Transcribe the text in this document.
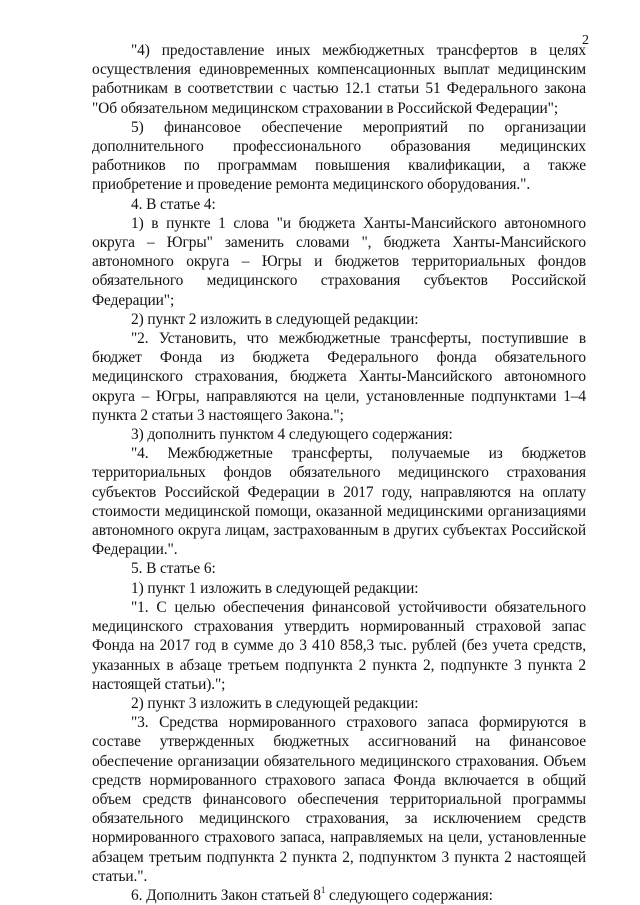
2

"4) предоставление иных межбюджетных трансфертов в целях осуществления единовременных компенсационных выплат медицинским работникам в соответствии с частью 12.1 статьи 51 Федерального закона "Об обязательном медицинском страховании в Российской Федерации";

5) финансовое обеспечение мероприятий по организации дополнительного профессионального образования медицинских работников по программам повышения квалификации, а также приобретение и проведение ремонта медицинского оборудования.".

4. В статье 4:

1) в пункте 1 слова "и бюджета Ханты-Мансийского автономного округа – Югры" заменить словами ", бюджета Ханты-Мансийского автономного округа – Югры и бюджетов территориальных фондов обязательного медицинского страхования субъектов Российской Федерации";

2) пункт 2 изложить в следующей редакции:

"2. Установить, что межбюджетные трансферты, поступившие в бюджет Фонда из бюджета Федерального фонда обязательного медицинского страхования, бюджета Ханты-Мансийского автономного округа – Югры, направляются на цели, установленные подпунктами 1–4 пункта 2 статьи 3 настоящего Закона.";

3) дополнить пунктом 4 следующего содержания:

"4. Межбюджетные трансферты, получаемые из бюджетов территориальных фондов обязательного медицинского страхования субъектов Российской Федерации в 2017 году, направляются на оплату стоимости медицинской помощи, оказанной медицинскими организациями автономного округа лицам, застрахованным в других субъектах Российской Федерации.".

5. В статье 6:

1) пункт 1 изложить в следующей редакции:

"1. С целью обеспечения финансовой устойчивости обязательного медицинского страхования утвердить нормированный страховой запас Фонда на 2017 год в сумме до 3 410 858,3 тыс. рублей (без учета средств, указанных в абзаце третьем подпункта 2 пункта 2, подпункте 3 пункта 2 настоящей статьи).";

2) пункт 3 изложить в следующей редакции:

"3. Средства нормированного страхового запаса формируются в составе утвержденных бюджетных ассигнований на финансовое обеспечение организации обязательного медицинского страхования. Объем средств нормированного страхового запаса Фонда включается в общий объем средств финансового обеспечения территориальной программы обязательного медицинского страхования, за исключением средств нормированного страхового запаса, направляемых на цели, установленные абзацем третьим подпункта 2 пункта 2, подпунктом 3 пункта 2 настоящей статьи.".

6. Дополнить Закон статьей $8^1$ следующего содержания:
